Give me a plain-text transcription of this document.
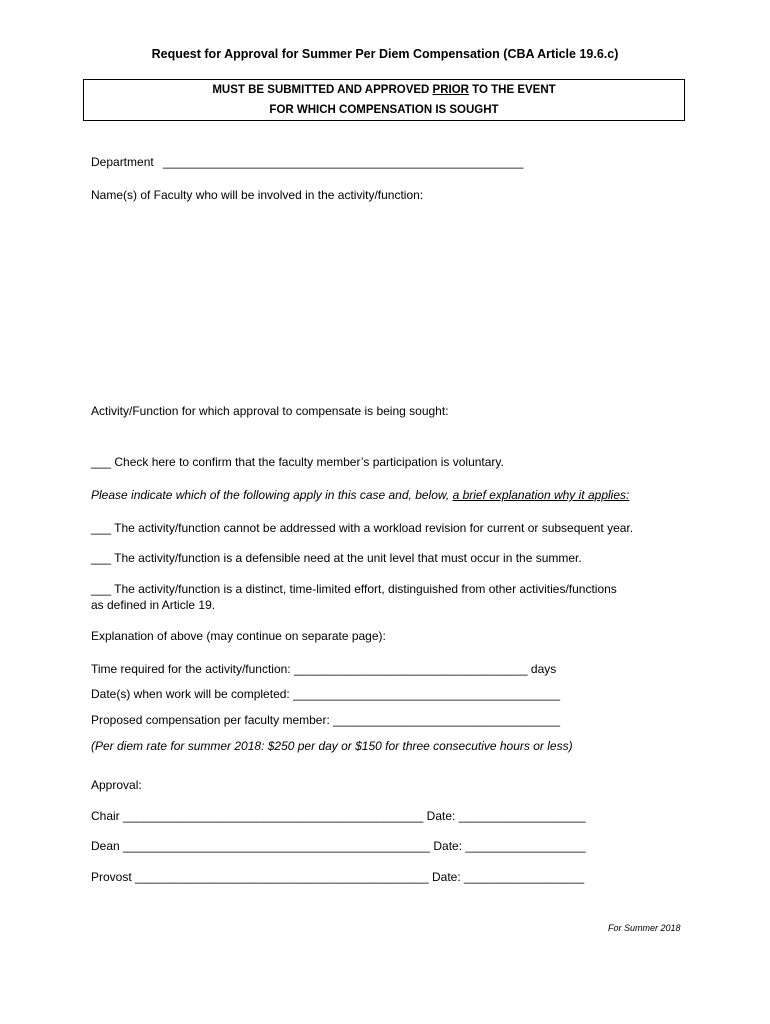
Request for Approval for Summer Per Diem Compensation (CBA Article 19.6.c)
MUST BE SUBMITTED AND APPROVED PRIOR TO THE EVENT
FOR WHICH COMPENSATION IS SOUGHT
Department ______________________________________________________
Name(s) of Faculty who will be involved in the activity/function:
Activity/Function for which approval to compensate is being sought:
___ Check here to confirm that the faculty member’s participation is voluntary.
Please indicate which of the following apply in this case and, below, a brief explanation why it applies:
___ The activity/function cannot be addressed with a workload revision for current or subsequent year.
___ The activity/function is a defensible need at the unit level that must occur in the summer.
___ The activity/function is a distinct, time-limited effort, distinguished from other activities/functions
as defined in Article 19.
Explanation of above (may continue on separate page):
Time required for the activity/function: ___________________________________ days
Date(s) when work will be completed: ________________________________________
Proposed compensation per faculty member: __________________________________
(Per diem rate for summer 2018: $250 per day or $150 for three consecutive hours or less)
Approval:
Chair _____________________________________________ Date: ___________________
Dean ______________________________________________ Date: __________________
Provost ____________________________________________ Date: __________________
For Summer 2018
